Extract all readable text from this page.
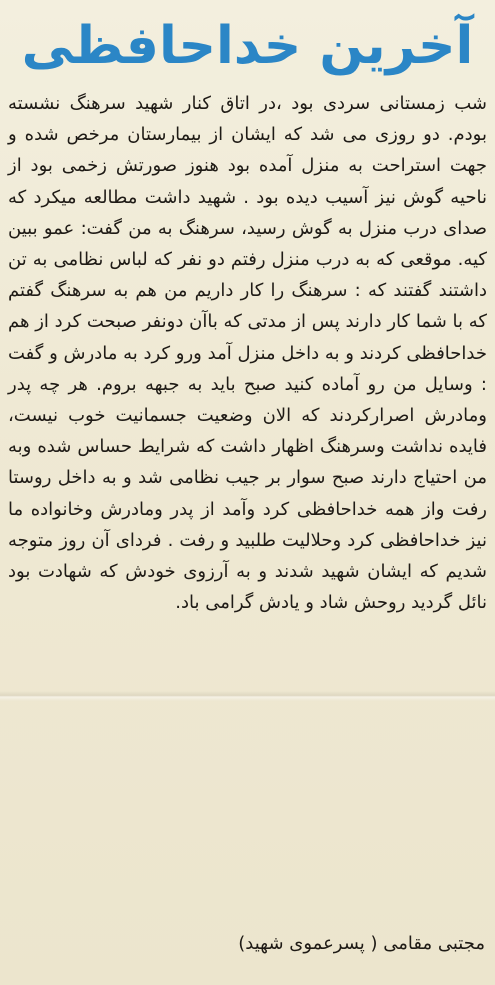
آخرین خداحافظی

شب زمستانی سردی بود ،در اتاق کنار شهید سرهنگ نشسته بودم. دو روزی می شد که ایشان از بیمارستان مرخص شده و جهت استراحت به منزل آمده بود هنوز صورتش زخمی بود از ناحیه گوش نیز آسیب دیده بود . شهید داشت مطالعه میکرد که صدای درب منزل به گوش رسید، سرهنگ به من گفت: عمو ببین کیه. موقعی که به درب منزل رفتم دو نفر که لباس نظامی به تن داشتند گفتند که : سرهنگ را کار داریم من هم به سرهنگ گفتم که با شما کار دارند پس از مدتی که باآن دونفر صبحت کرد از هم خداحافظی کردند و به داخل منزل آمد ورو کرد به مادرش و گفت : وسایل من رو آماده کنید صبح باید به جبهه بروم. هر چه پدر ومادرش اصرارکردند که الان وضعیت جسمانیت خوب نیست، فایده نداشت وسرهنگ اظهار داشت که شرایط حساس شده وبه من احتیاج دارند صبح سوار بر جیب نظامی شد و به داخل روستا رفت واز همه خداحافظی کرد وآمد از پدر ومادرش وخانواده ما نیز خداحافظی کرد وحلالیت طلبید و رفت . فردای آن روز متوجه شدیم که ایشان شهید شدند و به آرزوی خودش که شهادت بود نائل گردید روحش شاد و یادش گرامی باد.

مجتبی مقامی ( پسرعموی شهید)
